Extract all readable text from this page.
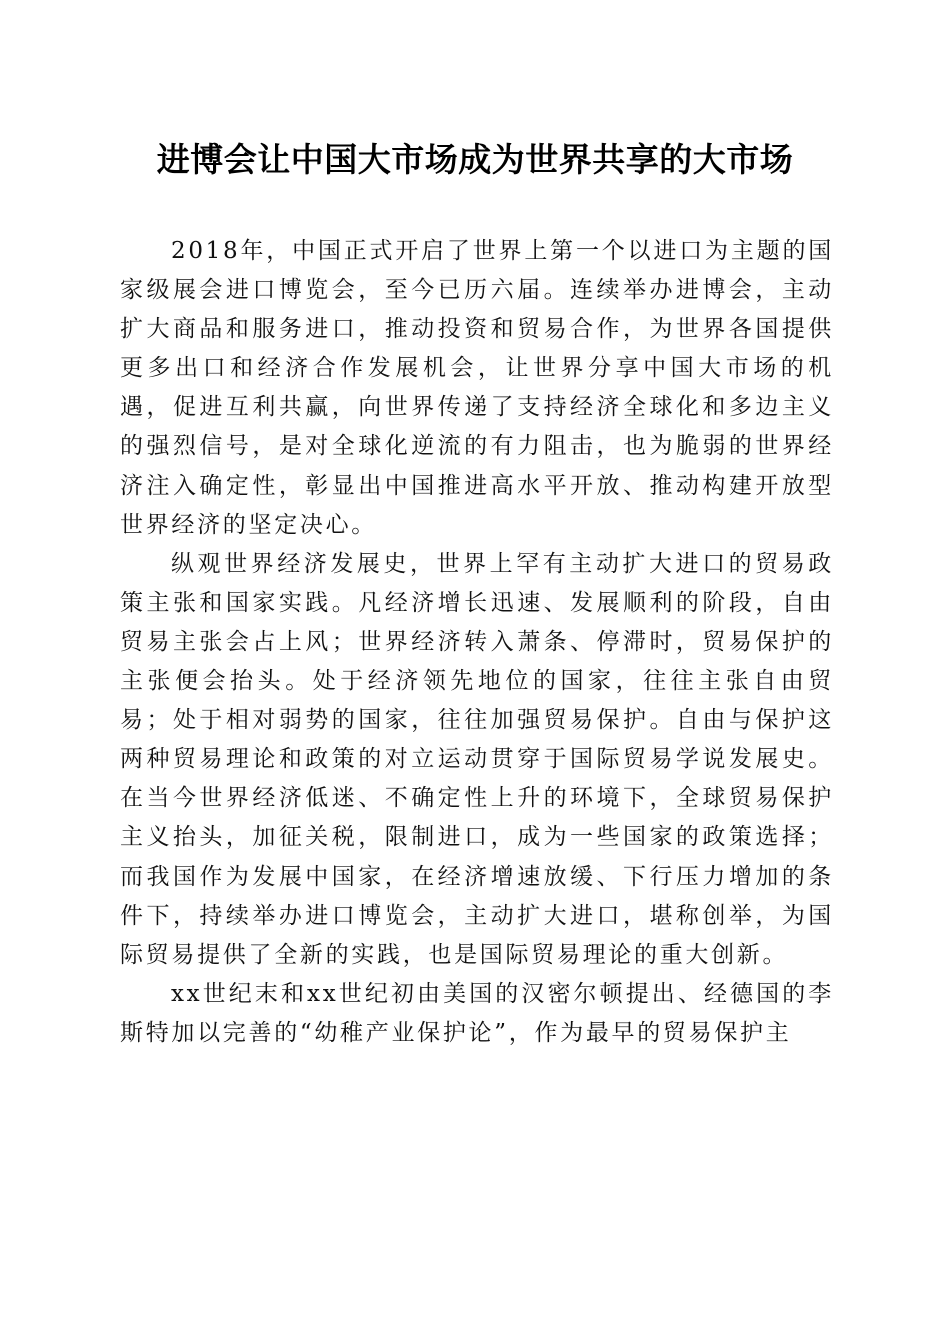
进博会让中国大市场成为世界共享的大市场

2018年，中国正式开启了世界上第一个以进口为主题的国家级展会进口博览会，至今已历六届。连续举办进博会，主动扩大商品和服务进口，推动投资和贸易合作，为世界各国提供更多出口和经济合作发展机会，让世界分享中国大市场的机遇，促进互利共赢，向世界传递了支持经济全球化和多边主义的强烈信号，是对全球化逆流的有力阻击，也为脆弱的世界经济注入确定性，彰显出中国推进高水平开放、推动构建开放型世界经济的坚定决心。

纵观世界经济发展史，世界上罕有主动扩大进口的贸易政策主张和国家实践。凡经济增长迅速、发展顺利的阶段，自由贸易主张会占上风；世界经济转入萧条、停滞时，贸易保护的主张便会抬头。处于经济领先地位的国家，往往主张自由贸易；处于相对弱势的国家，往往加强贸易保护。自由与保护这两种贸易理论和政策的对立运动贯穿于国际贸易学说发展史。在当今世界经济低迷、不确定性上升的环境下，全球贸易保护主义抬头，加征关税，限制进口，成为一些国家的政策选择；而我国作为发展中国家，在经济增速放缓、下行压力增加的条件下，持续举办进口博览会，主动扩大进口，堪称创举，为国际贸易提供了全新的实践，也是国际贸易理论的重大创新。

xx世纪末和xx世纪初由美国的汉密尔顿提出、经德国的李斯特加以完善的“幼稚产业保护论”，作为最早的贸易保护主
